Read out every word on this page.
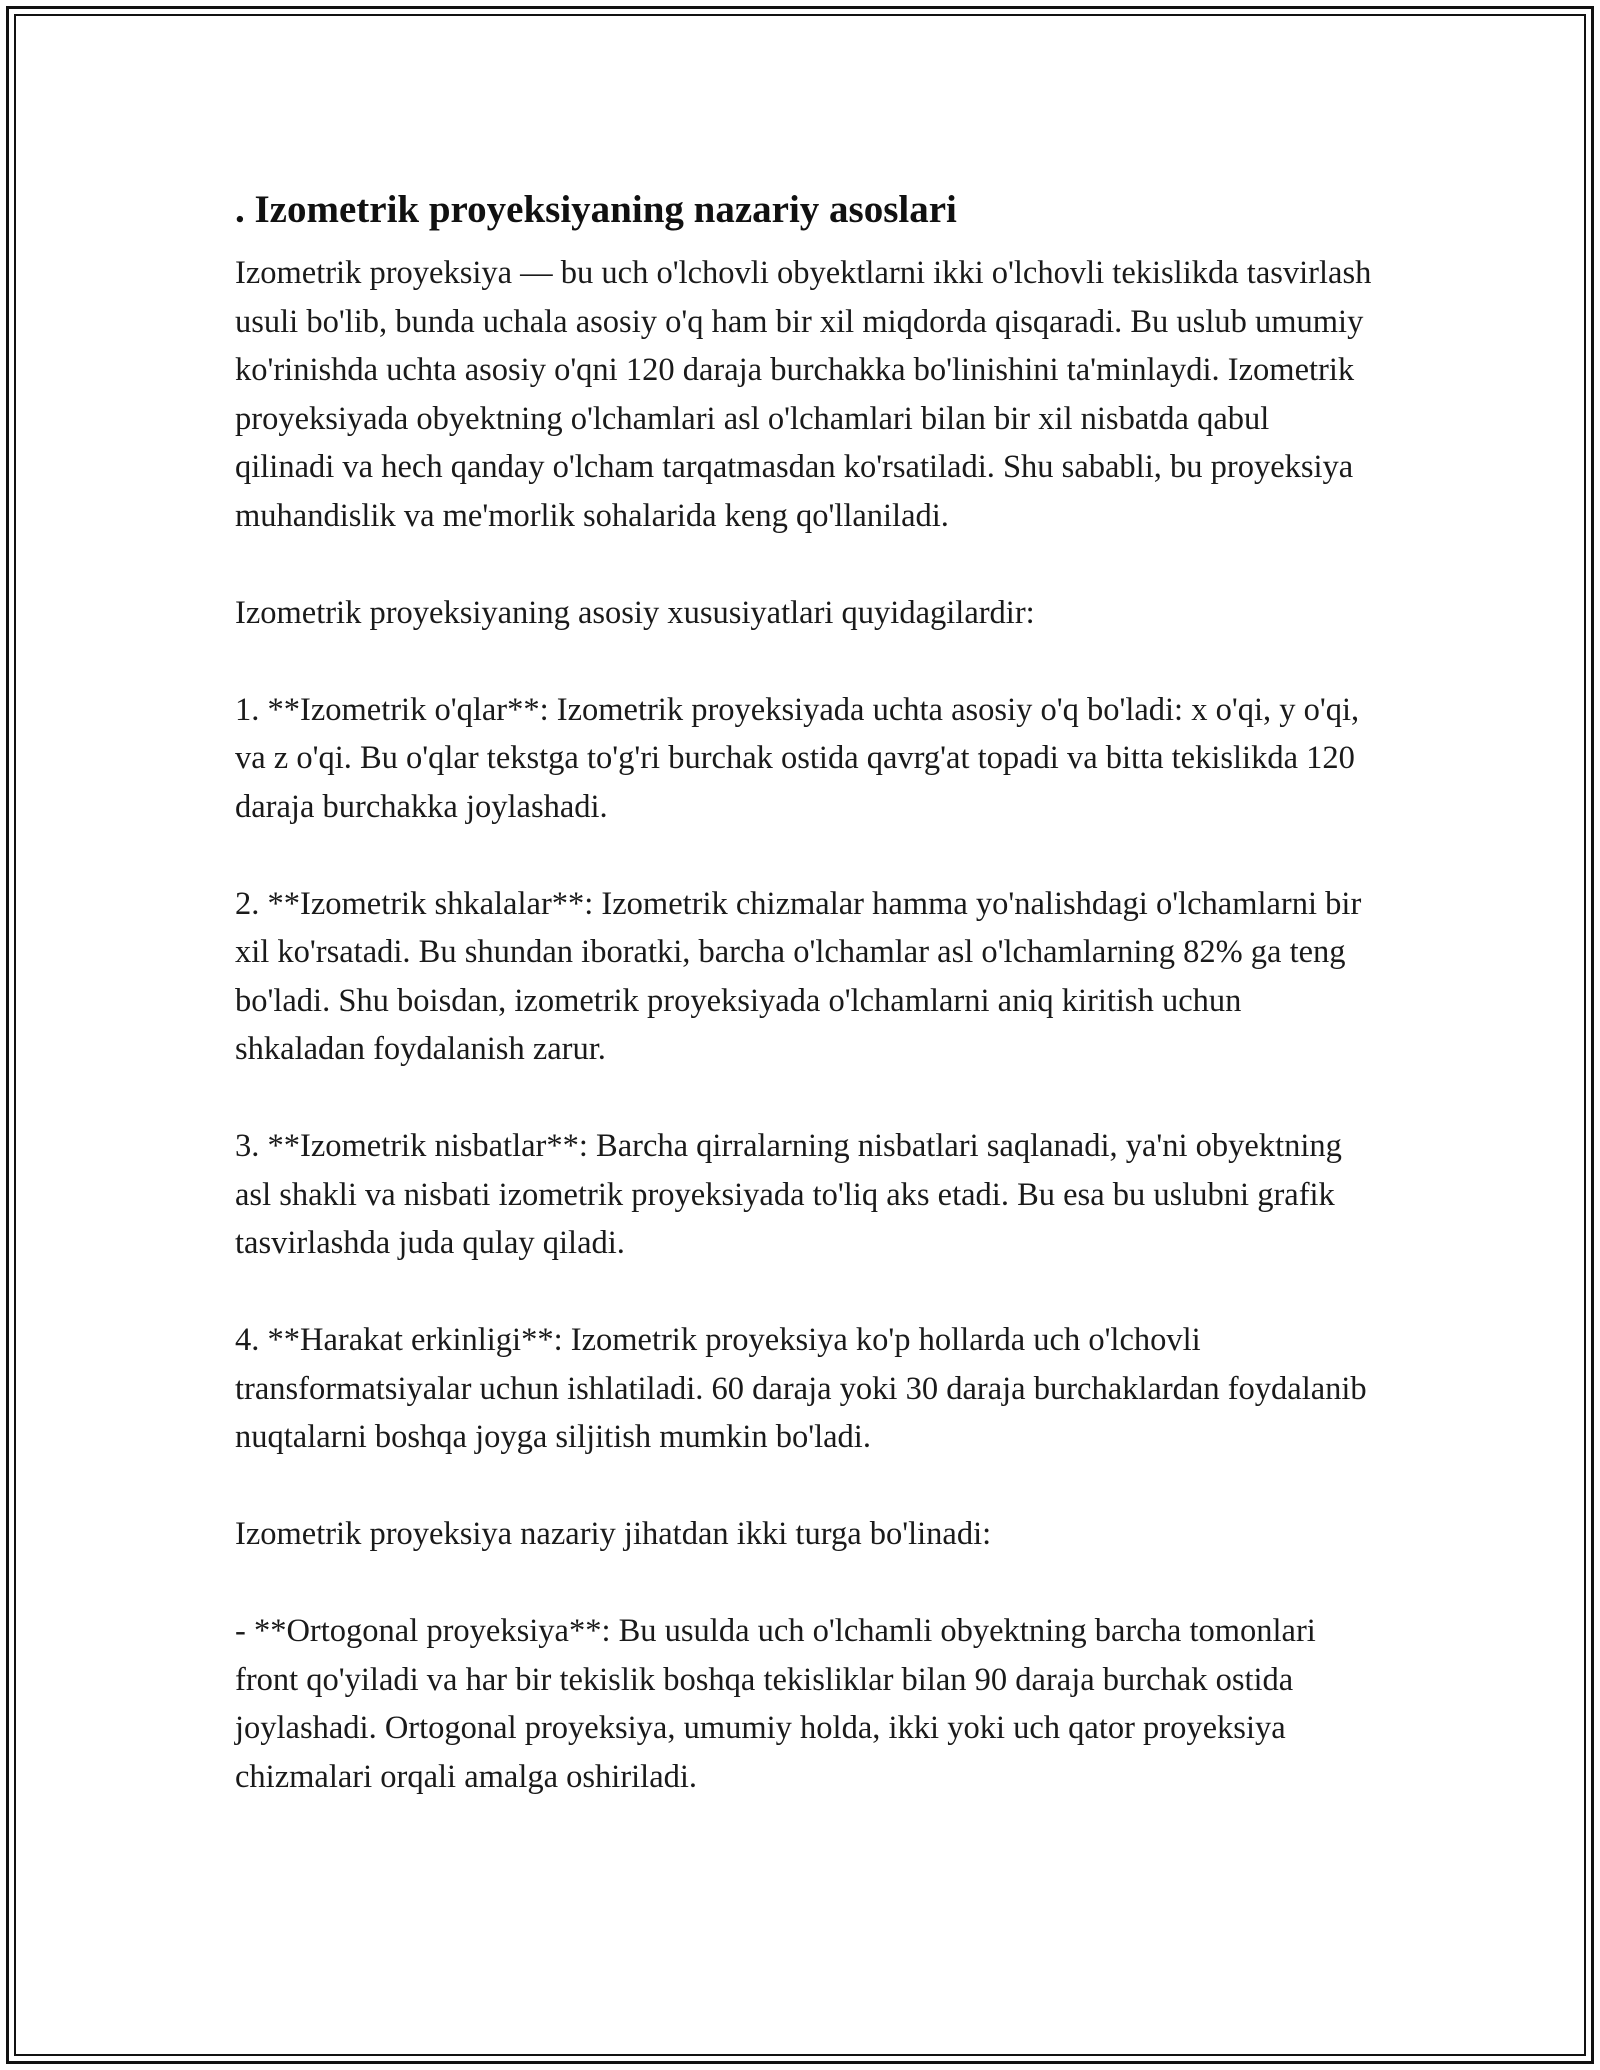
. Izometrik proyeksiyaning nazariy asoslari

Izometrik proyeksiya — bu uch o'lchovli obyektlarni ikki o'lchovli tekislikda tasvirlash usuli bo'lib, bunda uchala asosiy o'q ham bir xil miqdorda qisqaradi. Bu uslub umumiy ko'rinishda uchta asosiy o'qni 120 daraja burchakka bo'linishini ta'minlaydi. Izometrik proyeksiyada obyektning o'lchamlari asl o'lchamlari bilan bir xil nisbatda qabul qilinadi va hech qanday o'lcham tarqatmasdan ko'rsatiladi. Shu sababli, bu proyeksiya muhandislik va me'morlik sohalarida keng qo'llaniladi.

Izometrik proyeksiyaning asosiy xususiyatlari quyidagilardir:

1. **Izometrik o'qlar**: Izometrik proyeksiyada uchta asosiy o'q bo'ladi: x o'qi, y o'qi, va z o'qi. Bu o'qlar tekstga to'g'ri burchak ostida qavrg'at topadi va bitta tekislikda 120 daraja burchakka joylashadi.

2. **Izometrik shkalalar**: Izometrik chizmalar hamma yo'nalishdagi o'lchamlarni bir xil ko'rsatadi. Bu shundan iboratki, barcha o'lchamlar asl o'lchamlarning 82% ga teng bo'ladi. Shu boisdan, izometrik proyeksiyada o'lchamlarni aniq kiritish uchun shkaladan foydalanish zarur.

3. **Izometrik nisbatlar**: Barcha qirralarning nisbatlari saqlanadi, ya'ni obyektning asl shakli va nisbati izometrik proyeksiyada to'liq aks etadi. Bu esa bu uslubni grafik tasvirlashda juda qulay qiladi.

4. **Harakat erkinligi**: Izometrik proyeksiya ko'p hollarda uch o'lchovli transformatsiyalar uchun ishlatiladi. 60 daraja yoki 30 daraja burchaklardan foydalanib nuqtalarni boshqa joyga siljitish mumkin bo'ladi.

Izometrik proyeksiya nazariy jihatdan ikki turga bo'linadi:

- **Ortogonal proyeksiya**: Bu usulda uch o'lchamli obyektning barcha tomonlari front qo'yiladi va har bir tekislik boshqa tekisliklar bilan 90 daraja burchak ostida joylashadi. Ortogonal proyeksiya, umumiy holda, ikki yoki uch qator proyeksiya chizmalari orqali amalga oshiriladi.
